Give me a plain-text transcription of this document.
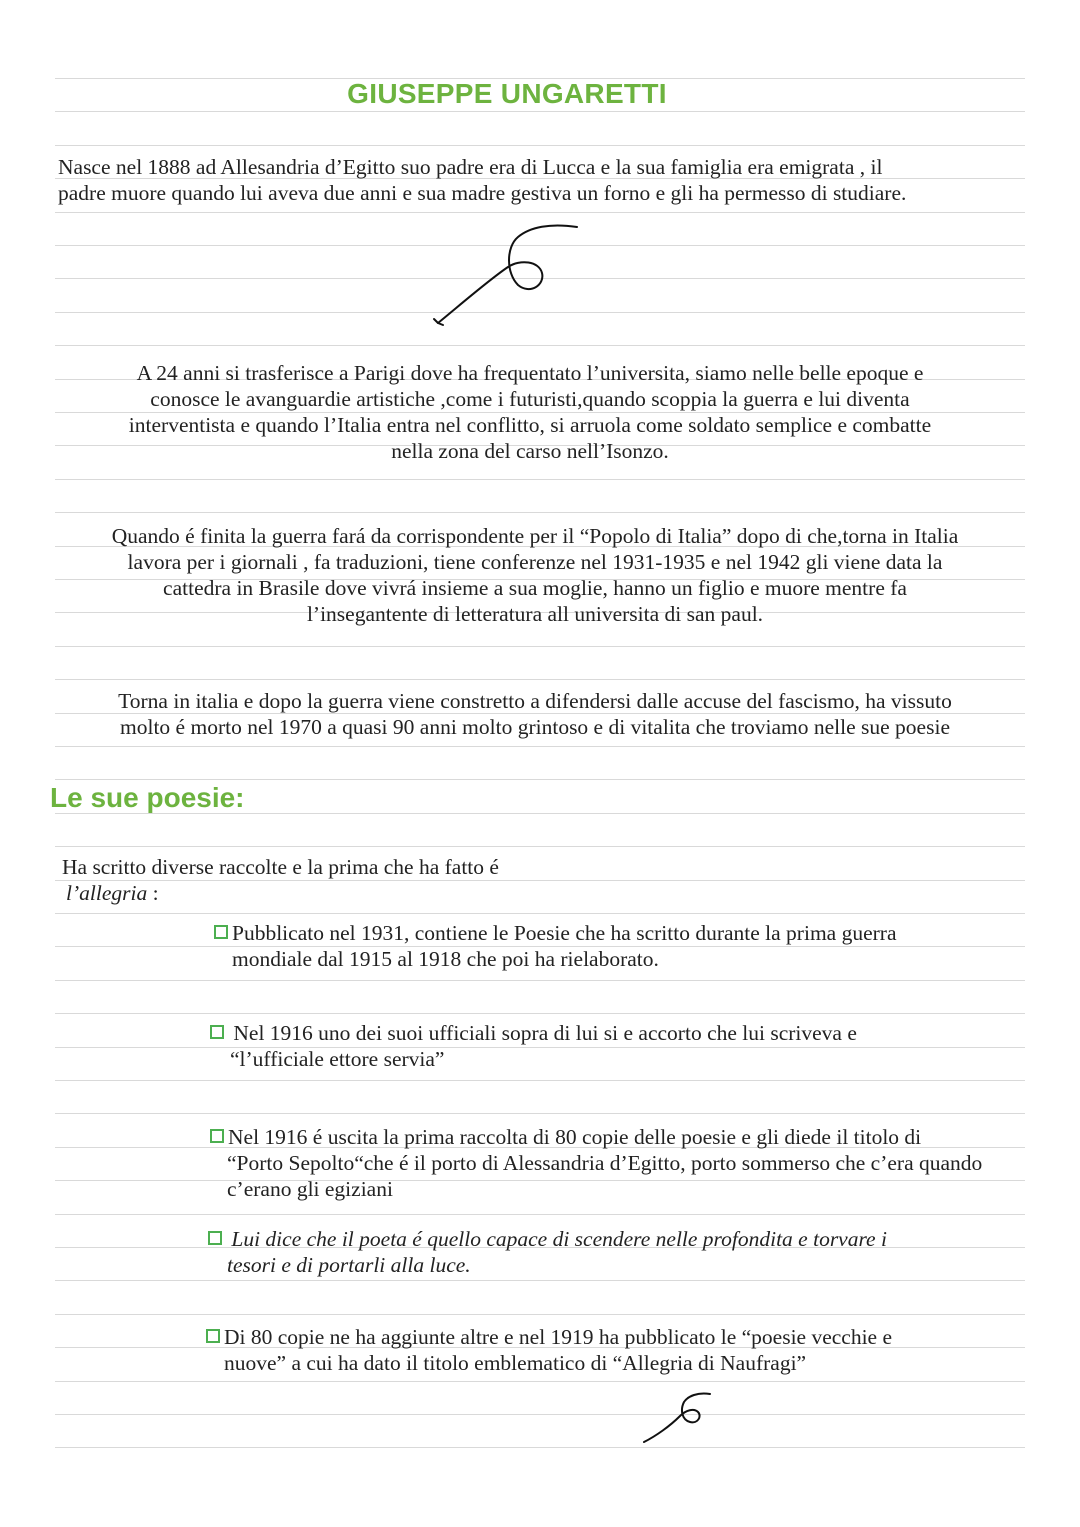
GIUSEPPE UNGARETTI
Nasce nel 1888 ad Allesandria d’Egitto suo padre era di Lucca e la sua famiglia era emigrata , il
padre muore quando lui aveva due anni e sua madre gestiva un forno e gli ha permesso di studiare.
A 24 anni si trasferisce a Parigi dove ha frequentato l’universita, siamo nelle belle epoque e
conosce le avanguardie artistiche ,come i futuristi,quando scoppia la guerra e lui diventa
interventista e quando l’Italia entra nel conflitto, si arruola come soldato semplice e combatte
nella zona del carso nell’Isonzo.
Quando é finita la guerra fará da corrispondente per il “Popolo di Italia” dopo di che,torna in Italia
lavora per i giornali , fa traduzioni, tiene conferenze nel 1931-1935 e nel 1942 gli viene data la
cattedra in Brasile dove vivrá insieme a sua moglie, hanno un figlio e muore mentre fa
l’insegantente di letteratura all universita di san paul.
Torna in italia e dopo la guerra viene constretto a difendersi dalle accuse del fascismo, ha vissuto
molto é morto nel 1970 a quasi 90 anni molto grintoso e di vitalita che troviamo nelle sue poesie
Le sue poesie:
Ha scritto diverse raccolte e la prima che ha fatto é
l’allegria :
Pubblicato nel 1931, contiene le Poesie che ha scritto durante la prima guerra
mondiale dal 1915 al 1918 che poi ha rielaborato.
Nel 1916 uno dei suoi ufficiali sopra di lui si e accorto che lui scriveva e
“l’ufficiale ettore servia”
Nel 1916 é uscita la prima raccolta di 80 copie delle poesie e gli diede il titolo di
“Porto Sepolto“che é il porto di Alessandria d’Egitto, porto sommerso che c’era quando
c’erano gli egiziani
Lui dice che il poeta é quello capace di scendere nelle profondita e torvare i
tesori e di portarli alla luce.
Di 80 copie ne ha aggiunte altre e nel 1919 ha pubblicato le “poesie vecchie e
nuove” a cui ha dato il titolo emblematico di “Allegria di Naufragi”
